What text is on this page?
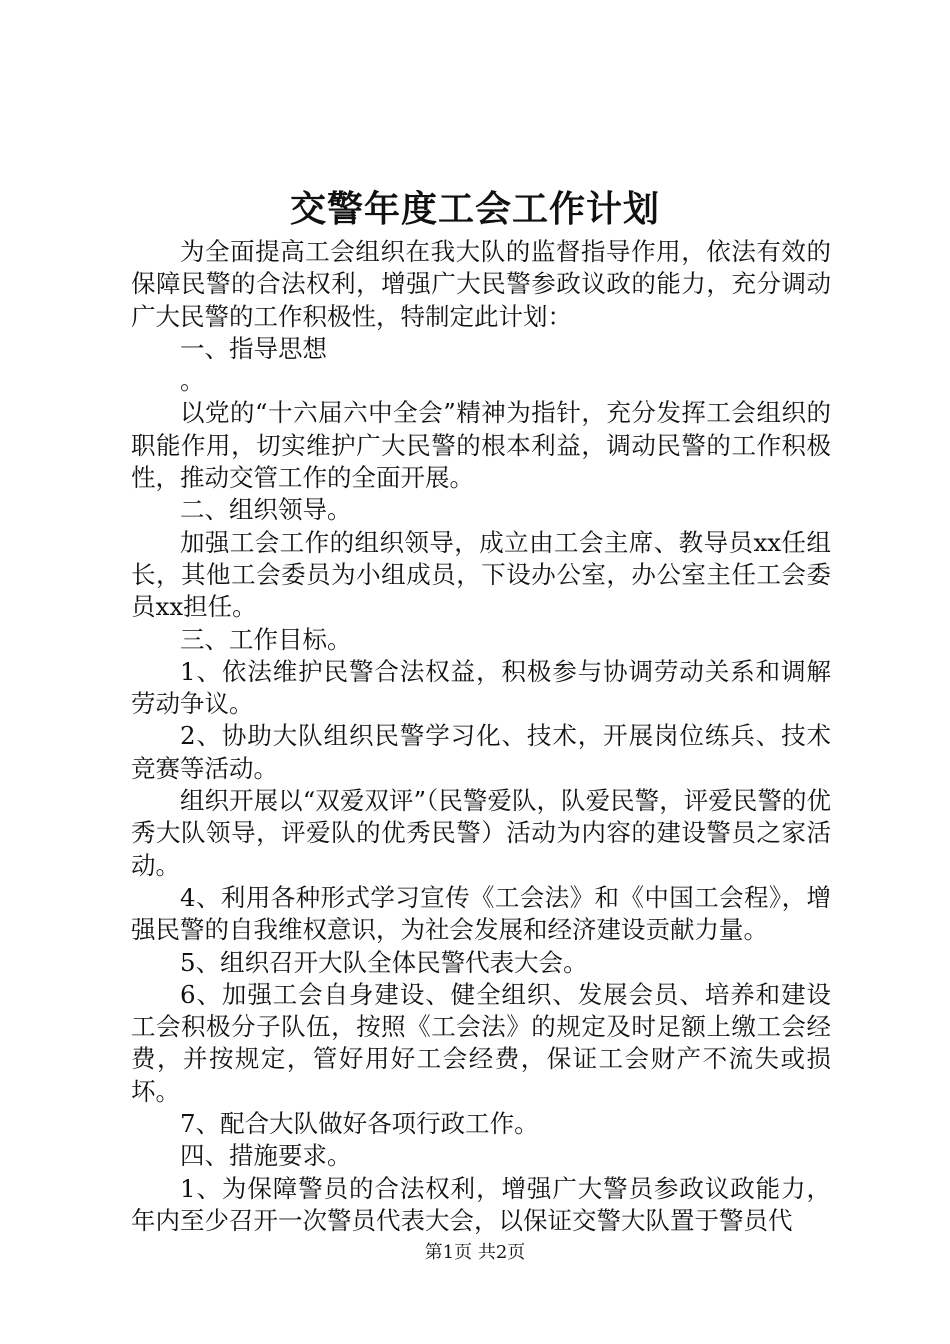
交警年度工会工作计划

为全面提高工会组织在我大队的监督指导作用，依法有效的保障民警的合法权利，增强广大民警参政议政的能力，充分调动广大民警的工作积极性，特制定此计划：

一、指导思想

。

以党的“十六届六中全会”精神为指针，充分发挥工会组织的职能作用，切实维护广大民警的根本利益，调动民警的工作积极性，推动交管工作的全面开展。

二、组织领导。

加强工会工作的组织领导，成立由工会主席、教导员xx任组长，其他工会委员为小组成员，下设办公室，办公室主任工会委员xx担任。

三、工作目标。

1、依法维护民警合法权益，积极参与协调劳动关系和调解劳动争议。

2、协助大队组织民警学习化、技术，开展岗位练兵、技术竞赛等活动。

组织开展以“双爱双评”（民警爱队，队爱民警，评爱民警的优秀大队领导，评爱队的优秀民警）活动为内容的建设警员之家活动。

4、利用各种形式学习宣传《工会法》和《中国工会程》，增强民警的自我维权意识，为社会发展和经济建设贡献力量。

5、组织召开大队全体民警代表大会。

6、加强工会自身建设、健全组织、发展会员、培养和建设工会积极分子队伍，按照《工会法》的规定及时足额上缴工会经费，并按规定，管好用好工会经费，保证工会财产不流失或损坏。

7、配合大队做好各项行政工作。

四、措施要求。

1、为保障警员的合法权利，增强广大警员参政议政能力，年内至少召开一次警员代表大会，以保证交警大队置于警员代

第1页 共2页
